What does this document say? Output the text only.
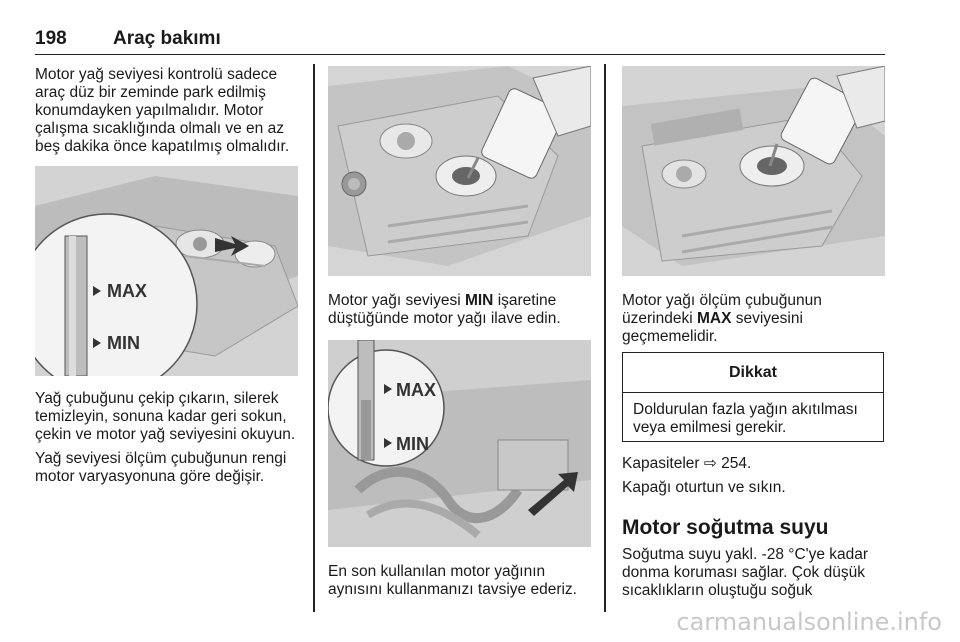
198 Araç bakımı

Motor yağ seviyesi kontrolü sadece araç düz bir zeminde park edilmiş konumdayken yapılmalıdır. Motor çalışma sıcaklığında olmalı ve en az beş dakika önce kapatılmış olmalıdır.

MAX
MIN

Yağ çubuğunu çekip çıkarın, silerek temizleyin, sonuna kadar geri sokun, çekin ve motor yağ seviyesini okuyun.

Yağ seviyesi ölçüm çubuğunun rengi motor varyasyonuna göre değişir.

Motor yağı seviyesi MIN işaretine düştüğünde motor yağı ilave edin.

MAX
MIN

En son kullanılan motor yağının aynısını kullanmanızı tavsiye ederiz.

Motor yağı ölçüm çubuğunun üzerindeki MAX seviyesini geçmemelidir.

Dikkat
Doldurulan fazla yağın akıtılması veya emilmesi gerekir.

Kapasiteler ⇨ 254.

Kapağı oturtun ve sıkın.

Motor soğutma suyu

Soğutma suyu yakl. -28 °C'ye kadar donma koruması sağlar. Çok düşük sıcaklıkların oluştuğu soğuk

carmanualsonline.info
